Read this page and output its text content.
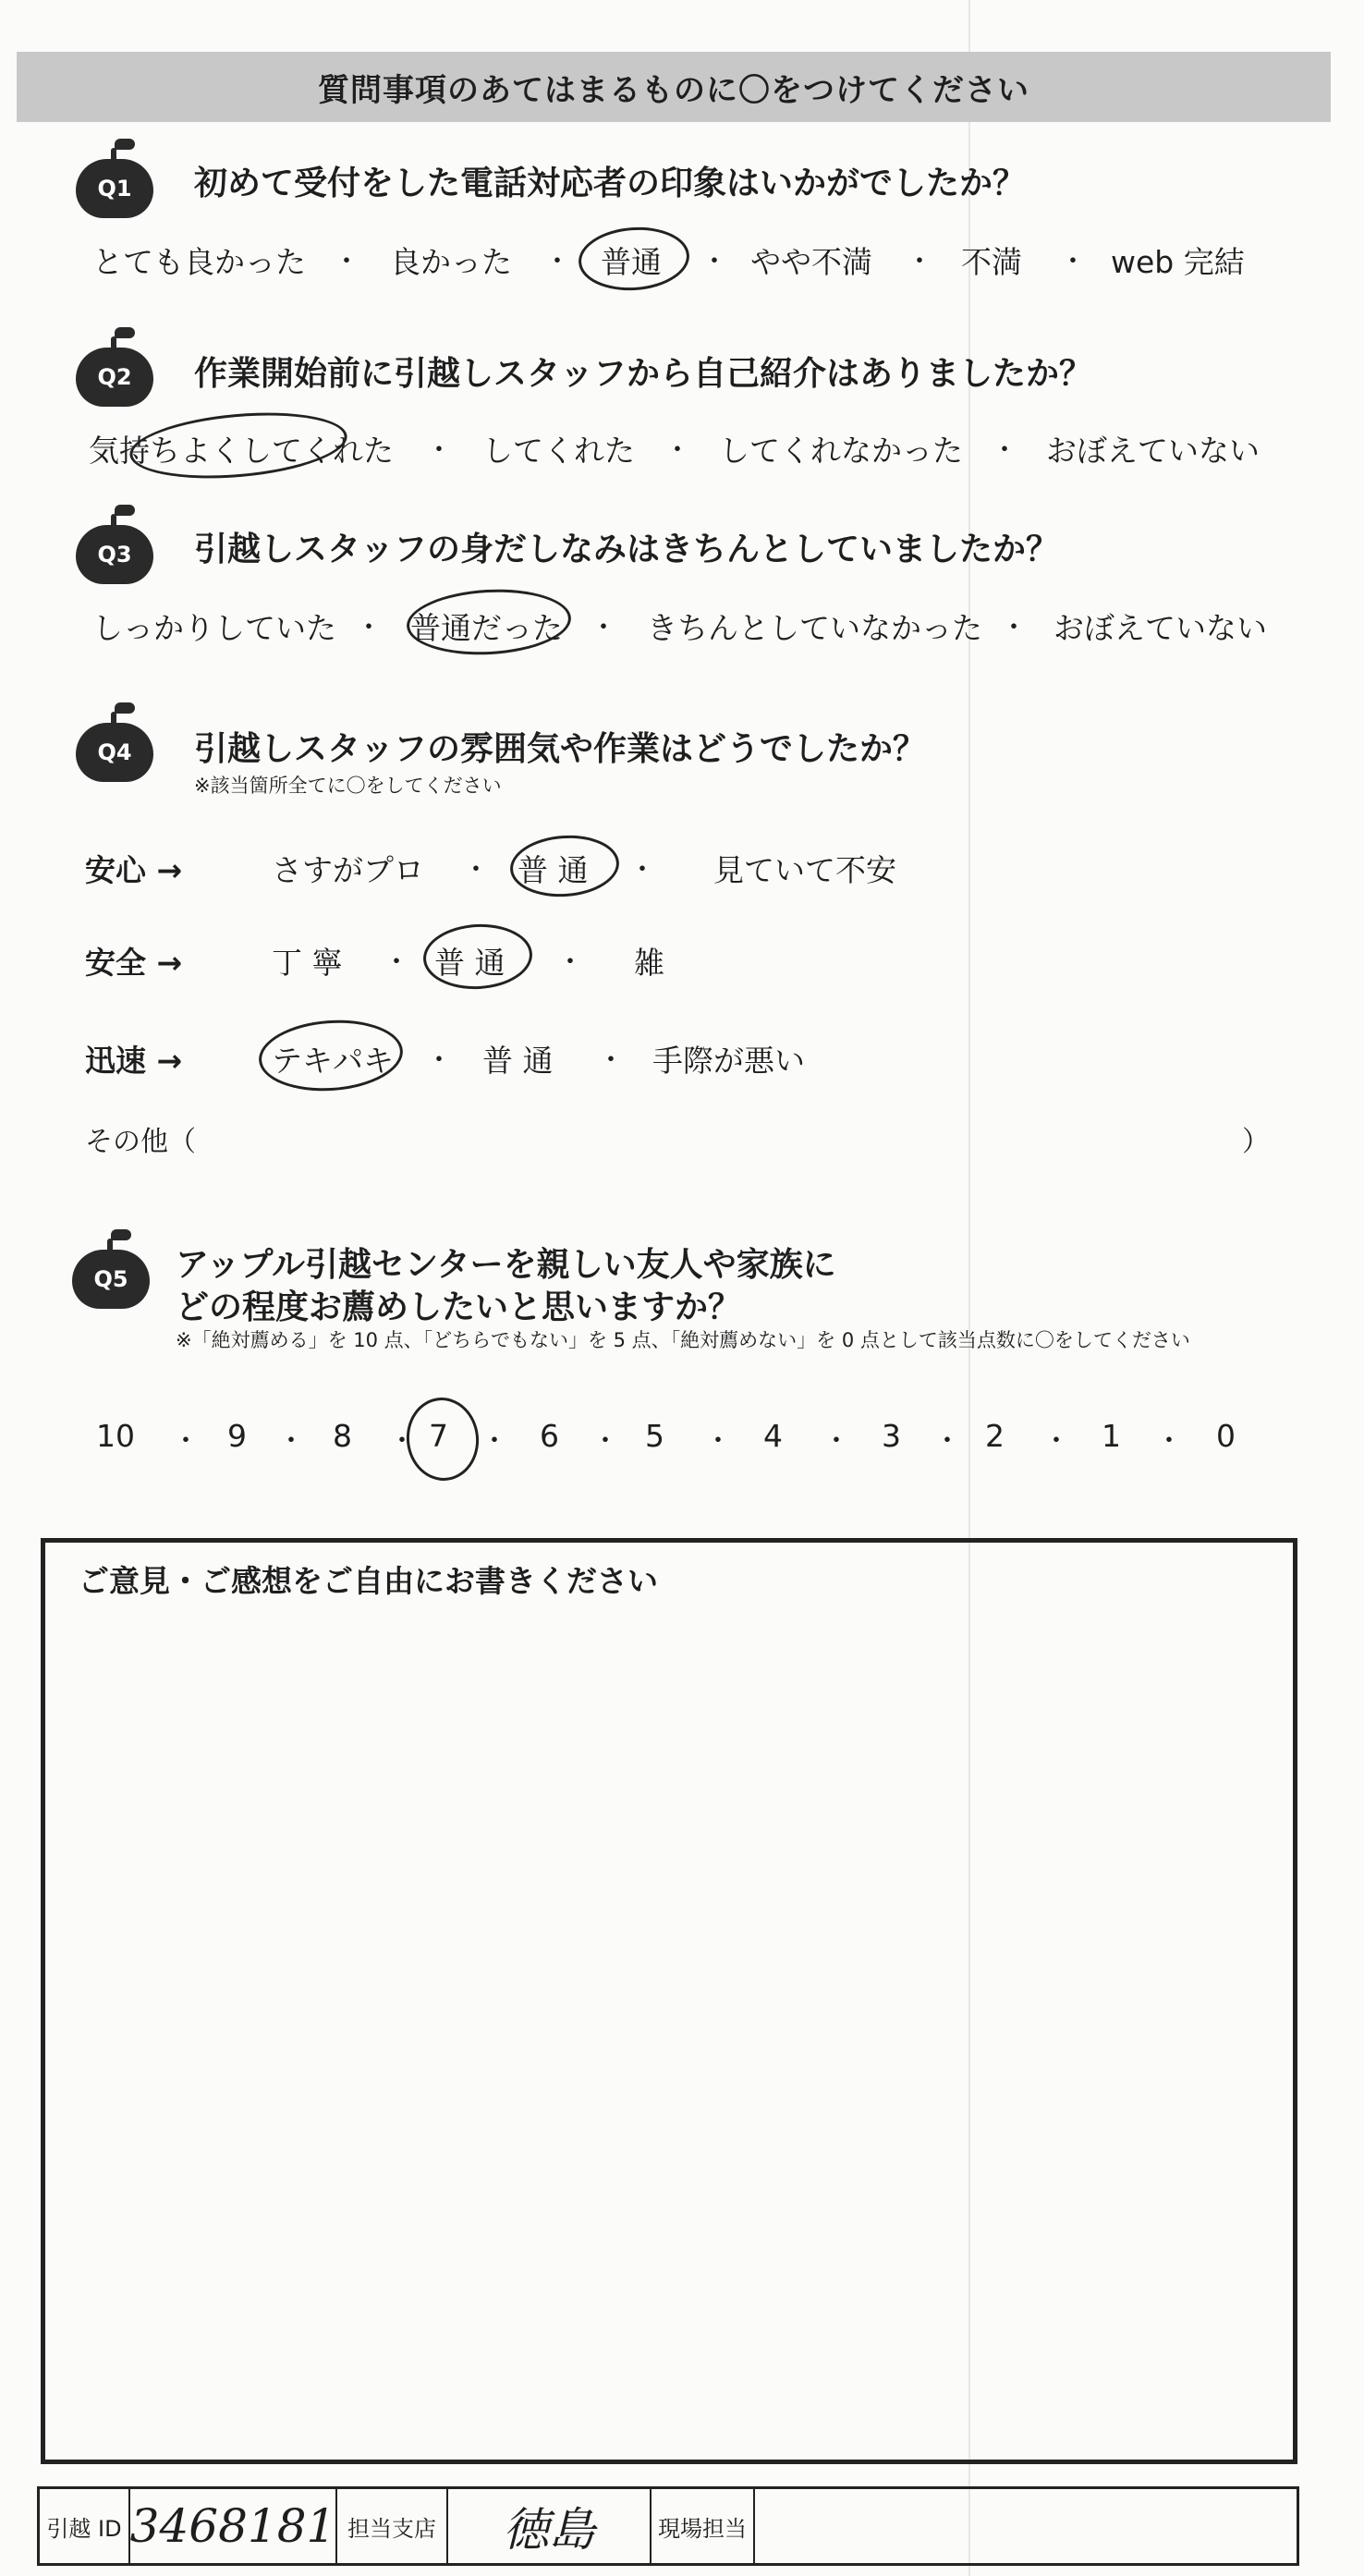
質問事項のあてはまるものに〇をつけてください
Q1	初めて受付をした電話対応者の印象はいかがでしたか？
とても良かった ・ 良かった ・ 普通 ・ やや不満 ・ 不満 ・ web 完結
Q2	作業開始前に引越しスタッフから自己紹介はありましたか？
気持ちよくしてくれた ・ してくれた ・ してくれなかった ・ おぼえていない
Q3	引越しスタッフの身だしなみはきちんとしていましたか？
しっかりしていた ・ 普通だった ・ きちんとしていなかった ・ おぼえていない
Q4	引越しスタッフの雰囲気や作業はどうでしたか？
※該当箇所全てに〇をしてください
安心 →	さすがプロ ・ 普 通 ・ 見ていて不安
安全 →	丁 寧 ・ 普 通 ・ 雑
迅速 →	テキパキ ・ 普 通 ・ 手際が悪い
その他（	）
Q5	アップル引越センターを親しい友人や家族に
どの程度お薦めしたいと思いますか？
※「絶対薦める」を 10 点、「どちらでもない」を 5 点、「絶対薦めない」を 0 点として該当点数に〇をしてください
10 ・ 9 ・ 8 ・ 7 ・ 6 ・ 5 ・ 4 ・ 3 ・ 2 ・ 1 ・ 0
ご意見・ご感想をご自由にお書きください
引越 ID 3468181 担当支店	徳島	現場担当
